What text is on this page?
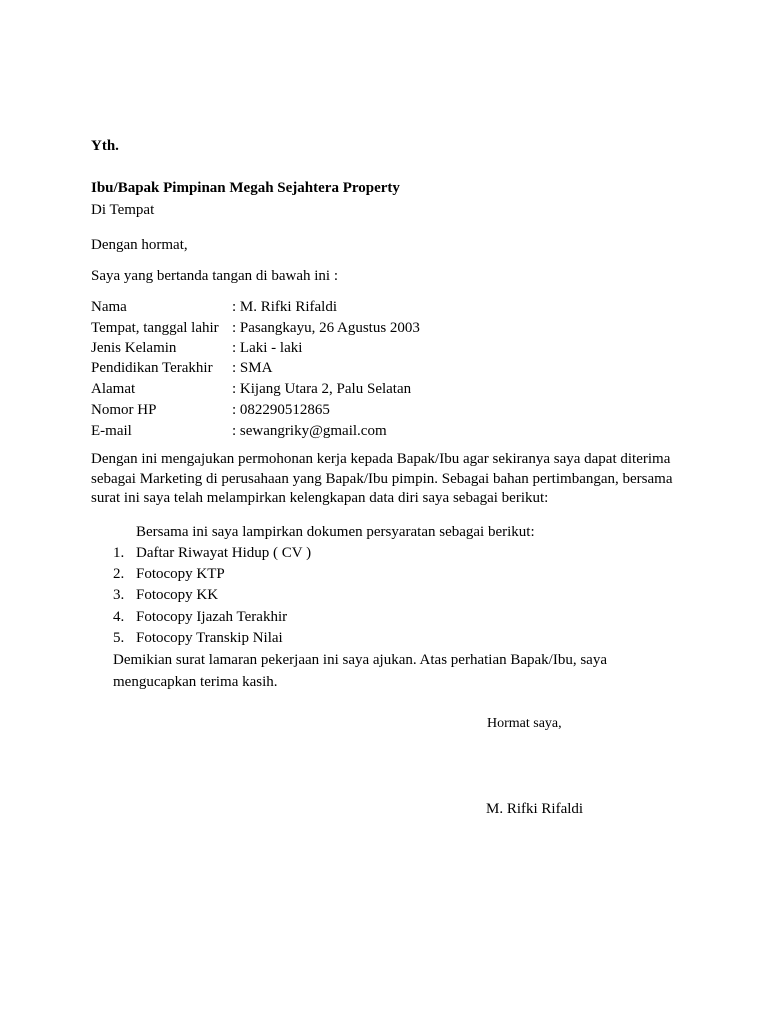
Yth.
Ibu/Bapak Pimpinan Megah Sejahtera Property
Di Tempat
Dengan hormat,
Saya yang bertanda tangan di bawah ini :
Nama	: M. Rifki Rifaldi
Tempat, tanggal lahir : Pasangkayu, 26 Agustus 2003
Jenis Kelamin	: Laki - laki
Pendidikan Terakhir : SMA
Alamat	: Kijang Utara 2, Palu Selatan
Nomor HP	: 082290512865
E-mail	: sewangriky@gmail.com
Dengan ini mengajukan permohonan kerja kepada Bapak/Ibu agar sekiranya saya dapat diterima
sebagai Marketing di perusahaan yang Bapak/Ibu pimpin. Sebagai bahan pertimbangan, bersama
surat ini saya telah melampirkan kelengkapan data diri saya sebagai berikut:
Bersama ini saya lampirkan dokumen persyaratan sebagai berikut:
1. Daftar Riwayat Hidup ( CV )
2. Fotocopy KTP
3. Fotocopy KK
4. Fotocopy Ijazah Terakhir
5. Fotocopy Transkip Nilai
Demikian surat lamaran pekerjaan ini saya ajukan. Atas perhatian Bapak/Ibu, saya
mengucapkan terima kasih.
Hormat saya,
M. Rifki Rifaldi
